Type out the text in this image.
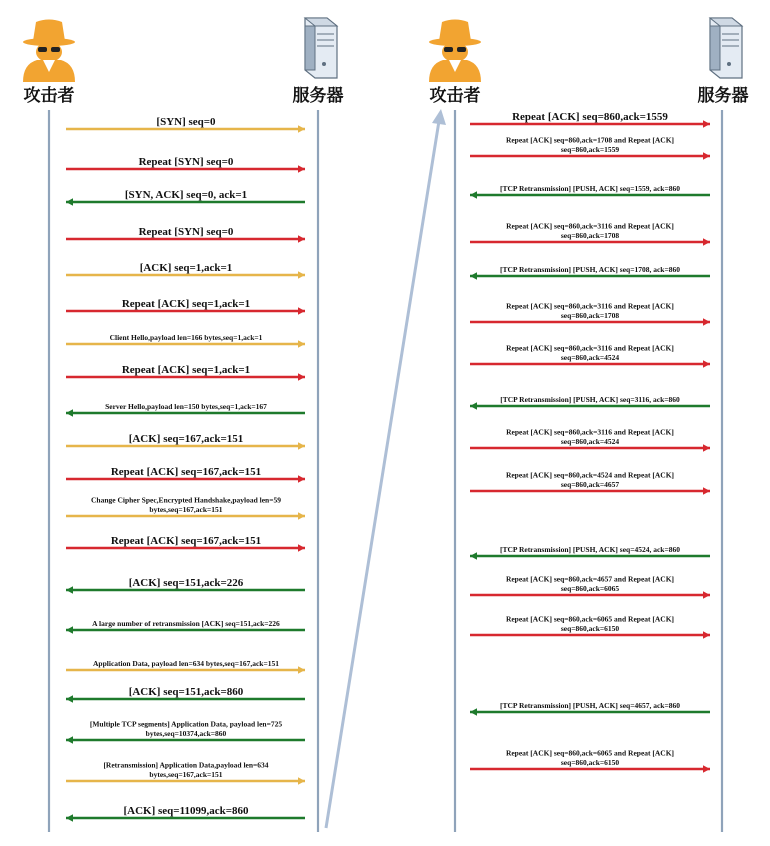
攻击者	服务器	攻击者	服务器
[SYN] seq=0
Repeat [SYN] seq=0
[SYN, ACK] seq=0, ack=1
Repeat [SYN] seq=0
[ACK] seq=1,ack=1
Repeat [ACK] seq=1,ack=1
Client Hello,payload len=166 bytes,seq=1,ack=1
Repeat [ACK] seq=1,ack=1
Server Hello,payload len=150 bytes,seq=1,ack=167
[ACK] seq=167,ack=151
Repeat [ACK] seq=167,ack=151
Change Cipher Spec,Encrypted Handshake,payload len=59
bytes,seq=167,ack=151
Repeat [ACK] seq=167,ack=151
[ACK] seq=151,ack=226
A large number of retransmission [ACK] seq=151,ack=226
Application Data, payload len=634 bytes,seq=167,ack=151
[ACK] seq=151,ack=860
[Multiple TCP segments] Application Data, payload len=725
bytes,seq=10374,ack=860
[Retransmission] Application Data,payload len=634
bytes,seq=167,ack=151
[ACK] seq=11099,ack=860
Repeat [ACK] seq=860,ack=1559
Repeat [ACK] seq=860,ack=1708 and Repeat [ACK]
seq=860,ack=1559
[TCP Retransmission] [PUSH, ACK] seq=1559, ack=860
Repeat [ACK] seq=860,ack=3116 and Repeat [ACK]
seq=860,ack=1708
[TCP Retransmission] [PUSH, ACK] seq=1708, ack=860
Repeat [ACK] seq=860,ack=3116 and Repeat [ACK]
seq=860,ack=1708
Repeat [ACK] seq=860,ack=3116 and Repeat [ACK]
seq=860,ack=4524
[TCP Retransmission] [PUSH, ACK] seq=3116, ack=860
Repeat [ACK] seq=860,ack=3116 and Repeat [ACK]
seq=860,ack=4524
Repeat [ACK] seq=860,ack=4524 and Repeat [ACK]
seq=860,ack=4657
[TCP Retransmission] [PUSH, ACK] seq=4524, ack=860
Repeat [ACK] seq=860,ack=4657 and Repeat [ACK]
seq=860,ack=6065
Repeat [ACK] seq=860,ack=6065 and Repeat [ACK]
seq=860,ack=6150
[TCP Retransmission] [PUSH, ACK] seq=4657, ack=860
Repeat [ACK] seq=860,ack=6065 and Repeat [ACK]
seq=860,ack=6150
